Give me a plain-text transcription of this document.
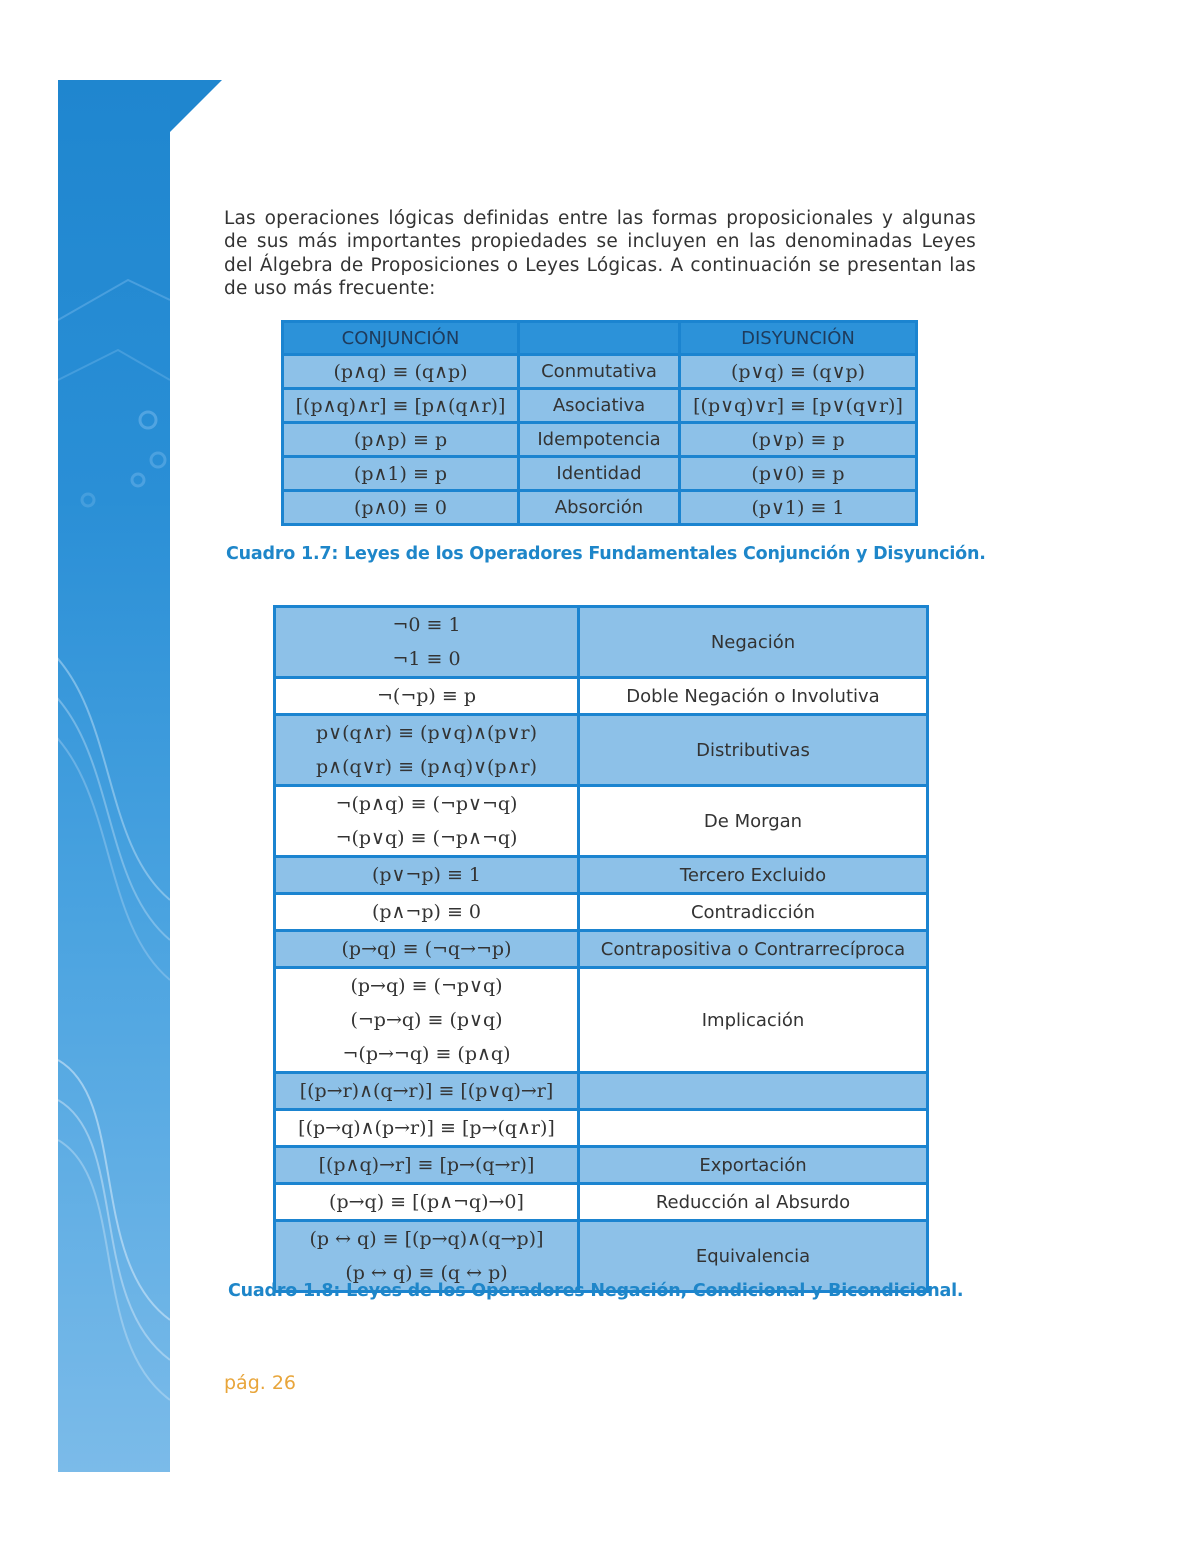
Las operaciones lógicas definidas entre las formas proposicionales y algunas de sus más importantes propiedades se incluyen en las denominadas Leyes del Álgebra de Proposiciones o Leyes Lógicas. A continuación se presentan las de uso más frecuente:

CONJUNCIÓN		DISYUNCIÓN
(p∧q) ≡ (q∧p)	Conmutativa	(p∨q) ≡ (q∨p)
[(p∧q)∧r] ≡ [p∧(q∧r)]	Asociativa	[(p∨q)∨r] ≡ [p∨(q∨r)]
(p∧p) ≡ p	Idempotencia	(p∨p) ≡ p
(p∧1) ≡ p	Identidad	(p∨0) ≡ p
(p∧0) ≡ 0	Absorción	(p∨1) ≡ 1
Cuadro 1.7: Leyes de los Operadores Fundamentales Conjunción y Disyunción.
¬0 ≡ 1
¬1 ≡ 0	Negación

¬(¬p) ≡ p	Doble Negación o Involutiva

p∨(q∧r) ≡ (p∨q)∧(p∨r)
p∧(q∨r) ≡ (p∧q)∨(p∧r)	Distributivas

¬(p∧q) ≡ (¬p∨¬q)
¬(p∨q) ≡ (¬p∧¬q)	De Morgan

(p∨¬p) ≡ 1	Tercero Excluido

(p∧¬p) ≡ 0	Contradicción

(p→q) ≡ (¬q→¬p)	Contrapositiva o Contrarrecíproca

(p→q) ≡ (¬p∨q)
(¬p→q) ≡ (p∨q)
¬(p→¬q) ≡ (p∧q)	Implicación

[(p→r)∧(q→r)] ≡ [(p∨q)→r]	

[(p→q)∧(p→r)] ≡ [p→(q∧r)]	

[(p∧q)→r] ≡ [p→(q→r)]	Exportación

(p→q) ≡ [(p∧¬q)→0]	Reducción al Absurdo

(p ↔ q) ≡ [(p→q)∧(q→p)]
(p ↔ q) ≡ (q ↔ p)	Equivalencia
Cuadro 1.8: Leyes de los Operadores Negación, Condicional y Bicondicional.
pág. 26
